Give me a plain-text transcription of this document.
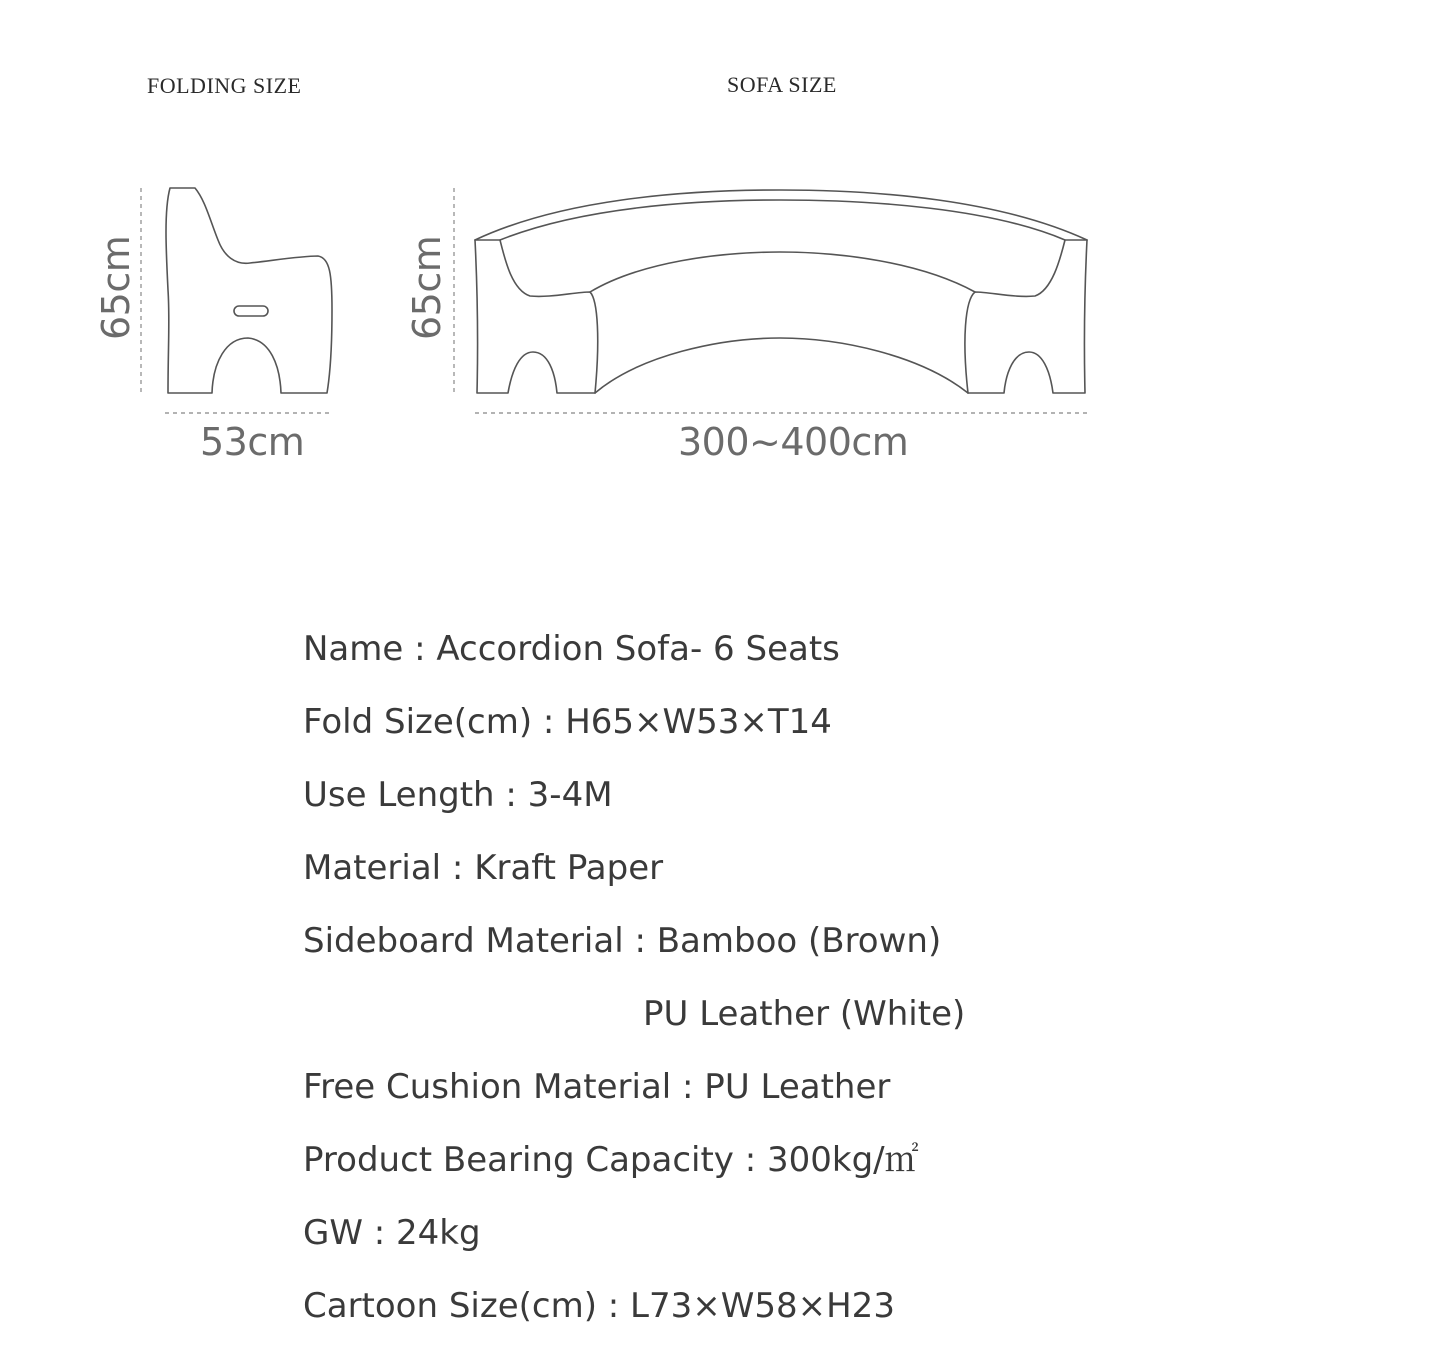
FOLDING SIZE	SOFA SIZE
65cm
53cm
65cm
300~400cm
Name : Accordion Sofa- 6 Seats
Fold Size(cm) : H65×W53×T14
Use Length : 3-4M
Material : Kraft Paper
Sideboard Material : Bamboo (Brown)
PU Leather (White)
Free Cushion Material : PU Leather
Product Bearing Capacity : 300kg/㎡
GW : 24kg
Cartoon Size(cm) : L73×W58×H23
